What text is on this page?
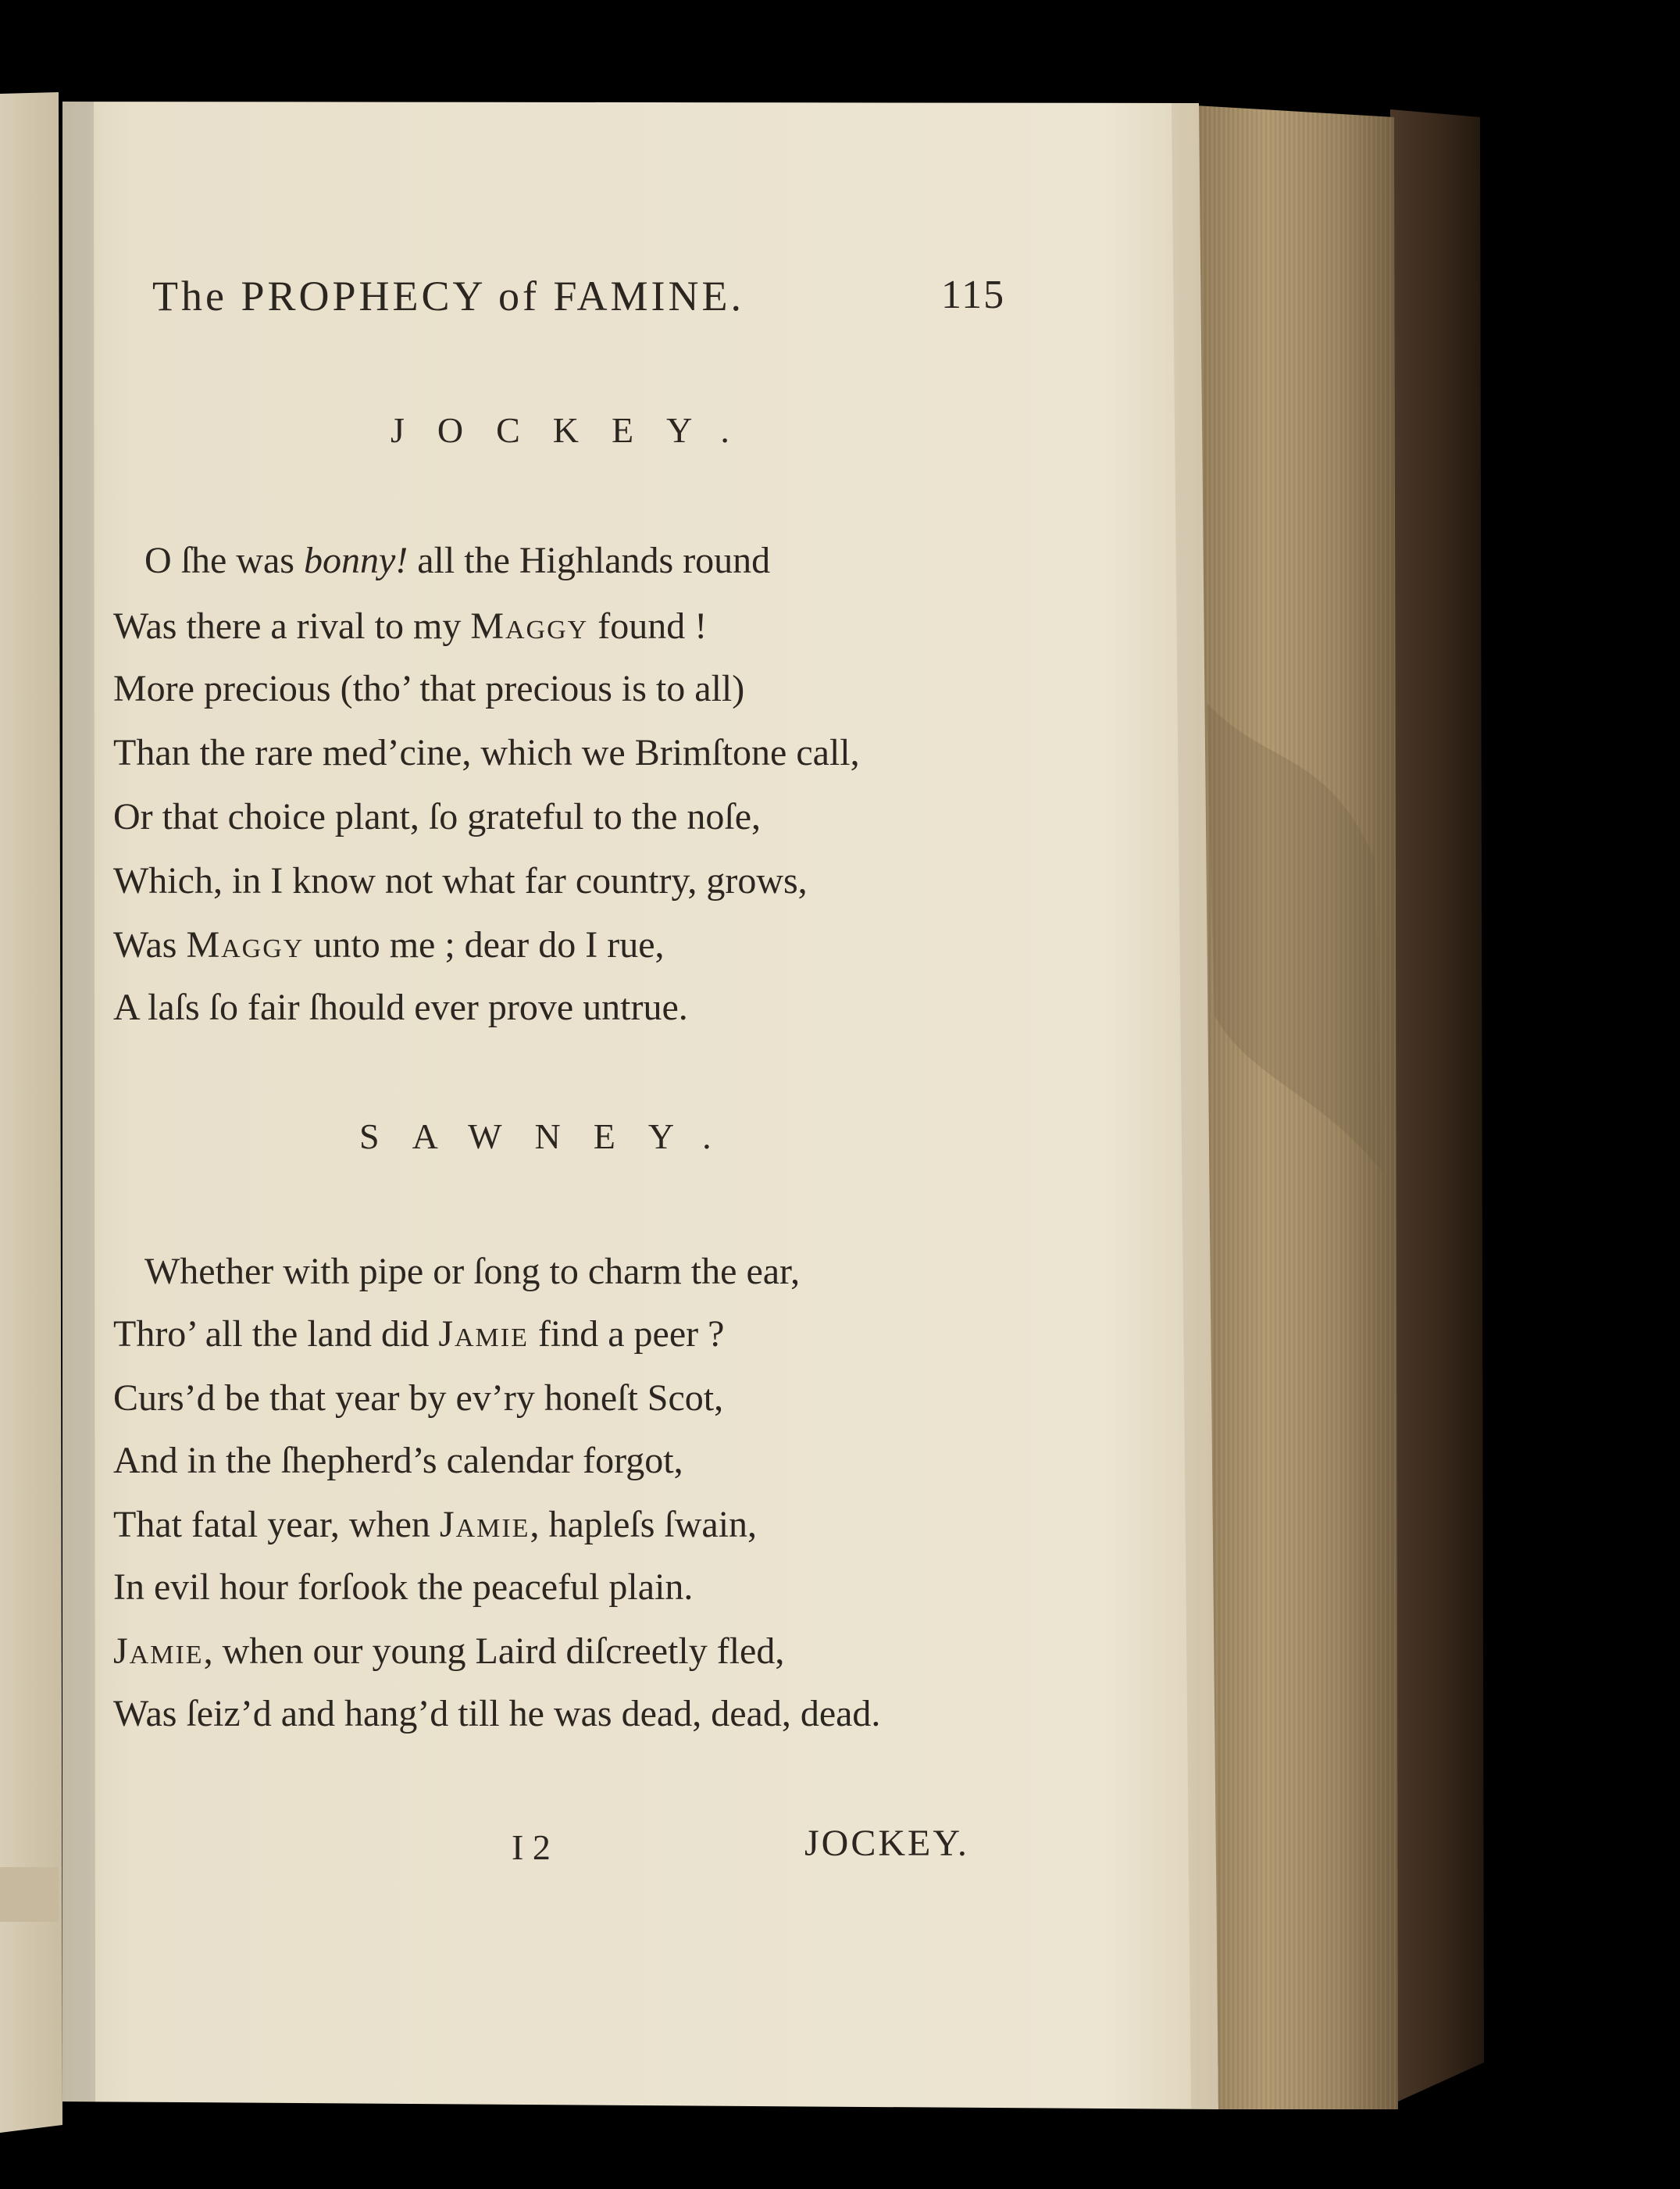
The PROPHECY of FAMINE.	115
JOCKEY.
O ſhe was bonny! all the Highlands round
Was there a rival to my Maggy found !
More precious (tho’ that precious is to all)
Than the rare med’cine, which we Brimſtone call,
Or that choice plant, ſo grateful to the noſe,
Which, in I know not what far country, grows,
Was Maggy unto me ; dear do I rue,
A laſs ſo fair ſhould ever prove untrue.
SAWNEY.
Whether with pipe or ſong to charm the ear,
Thro’ all the land did Jamie find a peer ?
Curs’d be that year by ev’ry honeſt Scot,
And in the ſhepherd’s calendar forgot,
That fatal year, when Jamie, hapleſs ſwain,
In evil hour forſook the peaceful plain.
Jamie, when our young Laird diſcreetly fled,
Was ſeiz’d and hang’d till he was dead, dead, dead.
I 2	JOCKEY.
